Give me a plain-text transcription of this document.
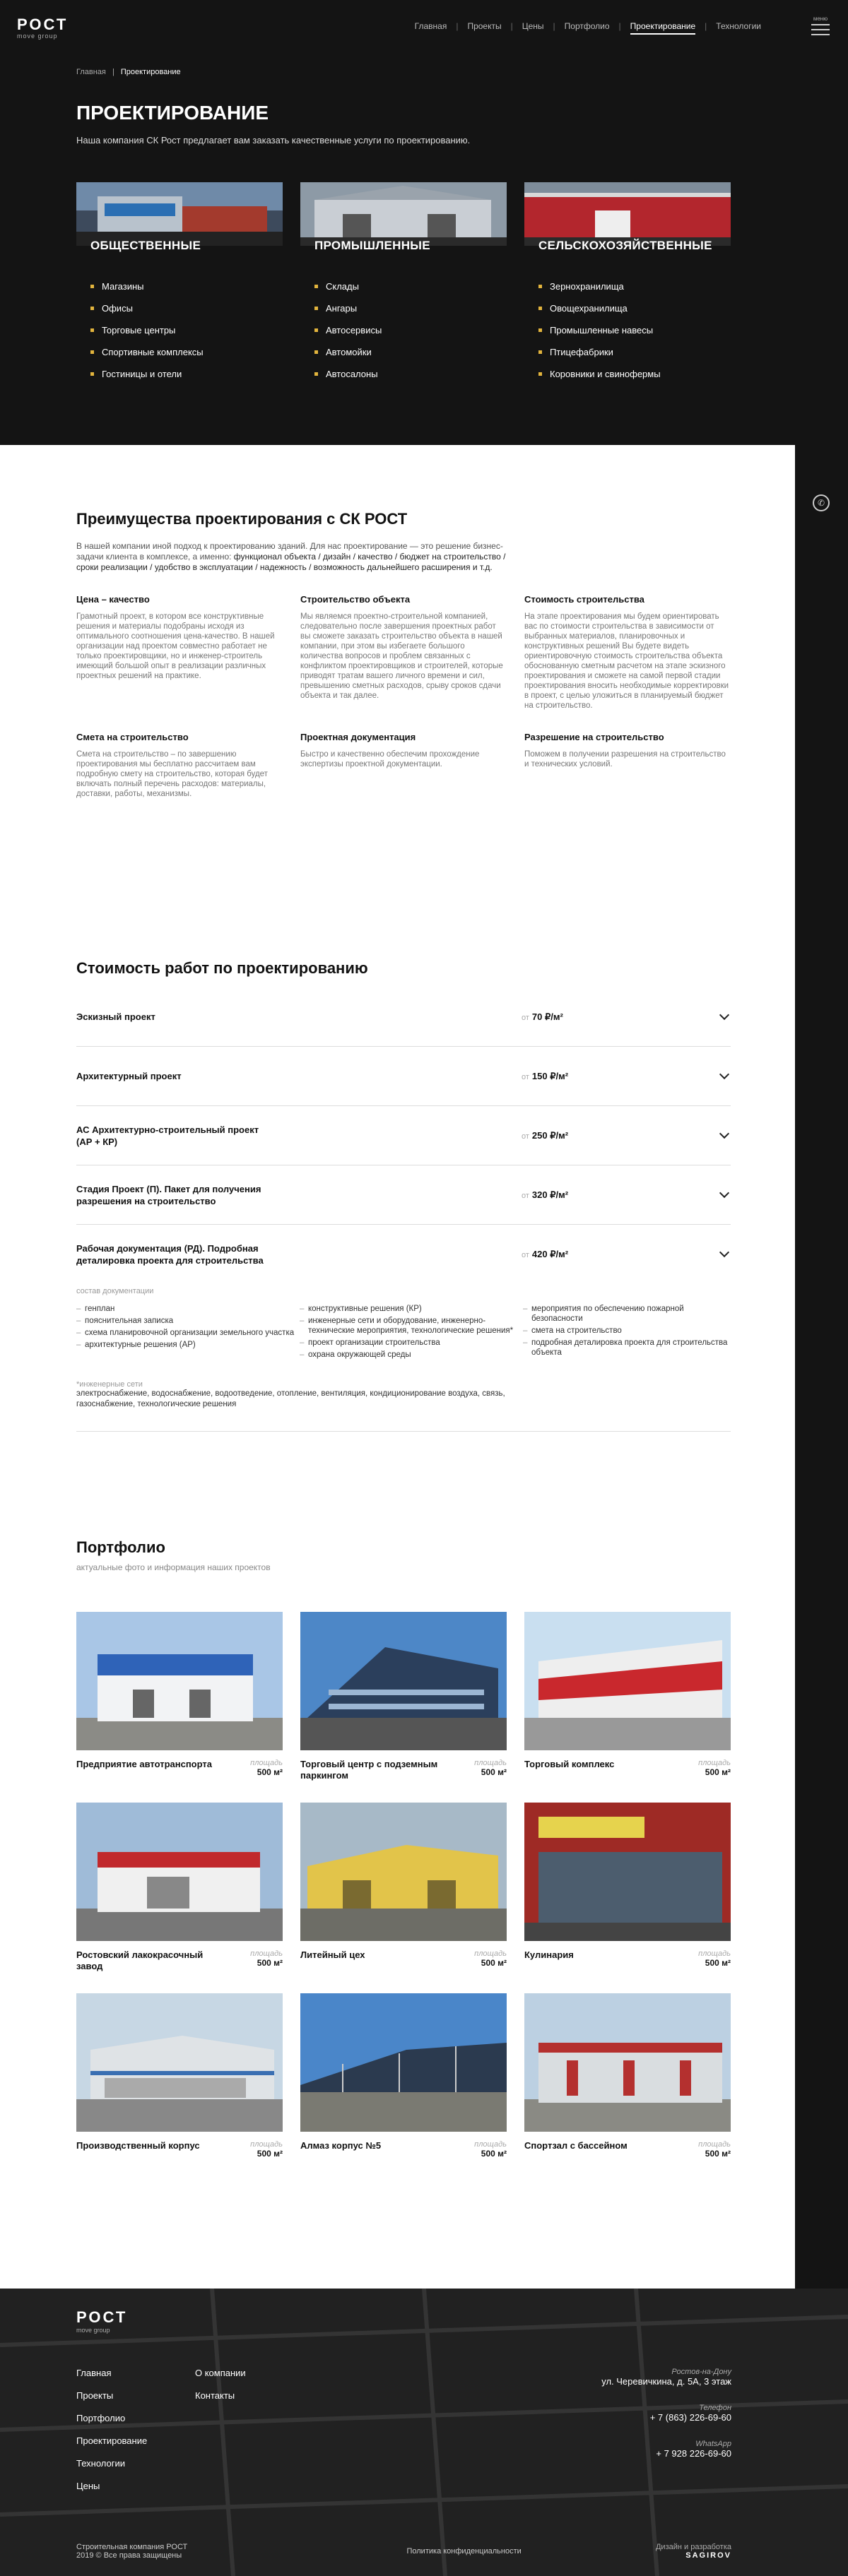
РОСТ
move group
Главная	|	Проекты	|	Цены	|	Портфолио	|	Проектирование	|	Технологии
меню
Главная | Проектирование
ПРОЕКТИРОВАНИЕ
Наша компания СК Рост предлагает вам заказать качественные услуги по проектированию.
ОБЩЕСТВЕННЫЕ
Магазины
Офисы
Торговые центры
Спортивные комплексы
Гостиницы и отели
ПРОМЫШЛЕННЫЕ
Склады
Ангары
Автосервисы
Автомойки
Автосалоны
СЕЛЬСКОХОЗЯЙСТВЕННЫЕ
Зернохранилища
Овощехранилища
Промышленные навесы
Птицефабрики
Коровники и свинофермы
✆
Преимущества проектирования с СК РОСТ
В нашей компании иной подход к проектированию зданий. Для нас проектирование — это решение бизнес-задачи клиента в комплексе, а именно: функционал объекта / дизайн / качество / бюджет на строительство / сроки реализации / удобство в эксплуатации / надежность / возможность дальнейшего расширения и т.д.
Цена – качество

Грамотный проект, в котором все конструктивные решения и материалы подобраны исходя из оптимального соотношения цена-качество. В нашей организации над проектом совместно работает не только проектировщики, но и инженер-строитель имеющий большой опыт в реализации различных проектных решений на практике.

Строительство объекта

Мы являемся проектно-строительной компанией, следовательно после завершения проектных работ вы сможете заказать строительство объекта в нашей компании, при этом вы избегаете большого количества вопросов и проблем связанных с конфликтом проектировщиков и строителей, которые приводят тратам вашего личного времени и сил, превышению сметных расходов, срыву сроков сдачи объекта и так далее.

Стоимость строительства

На этапе проектирования мы будем ориентировать вас по стоимости строительства в зависимости от выбранных материалов, планировочных и конструктивных решений Вы будете видеть ориентировочную стоимость строительства объекта обоснованную сметным расчетом на этапе эскизного проектирования и сможете на самой первой стадии проектирования вносить необходимые корректировки в проект, с целью уложиться в планируемый бюджет на строительство.

Смета на строительство

Смета на строительство – по завершению проектирования мы бесплатно рассчитаем вам подробную смету на строительство, которая будет включать полный перечень расходов: материалы, доставки, работы, механизмы.

Проектная документация

Быстро и качественно обеспечим прохождение экспертизы проектной документации.

Разрешение на строительство

Поможем в получении разрешения на строительство и технических условий.

Стоимость работ по проектированию
Эскизный проект	от 70 ₽/м²
Архитектурный проект	от 150 ₽/м²
АС Архитектурно-строительный проект (АР + КР)	от 250 ₽/м²
Стадия Проект (П). Пакет для получения разрешения на строительство	от 320 ₽/м²
Рабочая документация (РД). Подробная деталировка проекта для строительства	от 420 ₽/м²
состав документации
– генплан
– пояснительная записка
– схема планировочной организации земельного участка
– архитектурные решения (АР)
– конструктивные решения (КР)
– инженерные сети и оборудование, инженерно-технические мероприятия, технологические решения*
– проект организации строительства
– охрана окружающей среды
– мероприятия по обеспечению пожарной безопасности
– смета на строительство
– подробная деталировка проекта для строительства объекта
*инженерные сети
электроснабжение, водоснабжение, водоотведение, отопление, вентиляция, кондиционирование воздуха, связь, газоснабжение, технологические решения
Портфолио
актуальные фото и информация наших проектов
Предприятие автотранспорта	площадь
500 м²
Торговый центр с подземным паркингом
площадь
500 м²
Торговый комплекс	площадь
500 м²
Ростовский лакокрасочный завод
площадь
500 м²
Литейный цех	площадь
500 м²
Кулинария	площадь
500 м²
Производственный корпус	площадь
500 м²
Алмаз корпус №5	площадь
500 м²
Спортзал с бассейном	площадь
500 м²
РОСТ
move group
Главная	О компании
Проекты	Контакты
Портфолио
Проектирование
Технологии
Цены
Ростов-на-Дону
ул. Черевичкина, д. 5А, 3 этаж
Телефон
+ 7 (863) 226-69-60
WhatsApp
+ 7 928 226-69-60
Строительная компания РОСТ
2019 © Все права защищены	Политика конфиденциальности	Дизайн и разработка
SAGIROV
